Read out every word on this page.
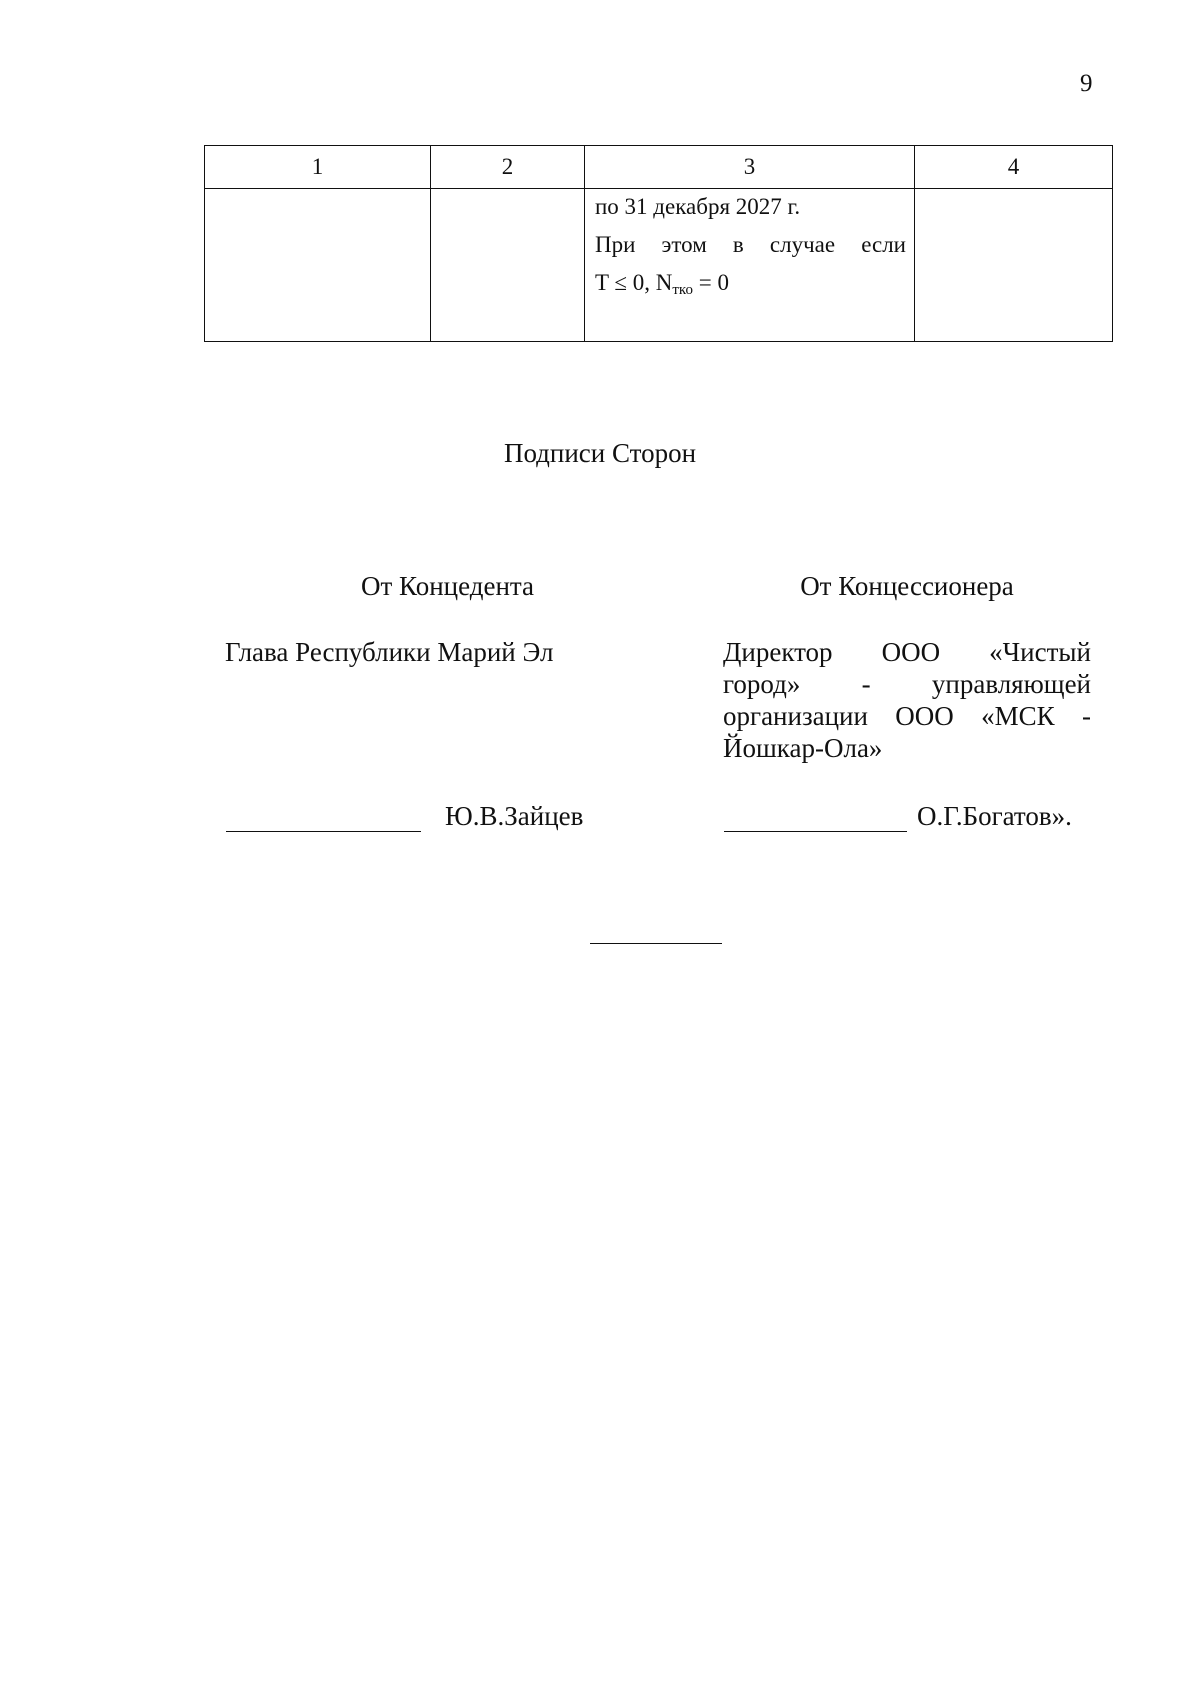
9
1	2	3	4

		по 31 декабря 2027 г.

При этом в случае если

T ≤ 0, $N_{тко} = 0$	

Подписи Сторон
От Концедента
Глава Республики Марий Эл
От Концессионера
Директор ООО «Чистый
город» - управляющей
организации ООО «МСК -
Йошкар-Ола»
Ю.В.Зайцев	О.Г.Богатов».
